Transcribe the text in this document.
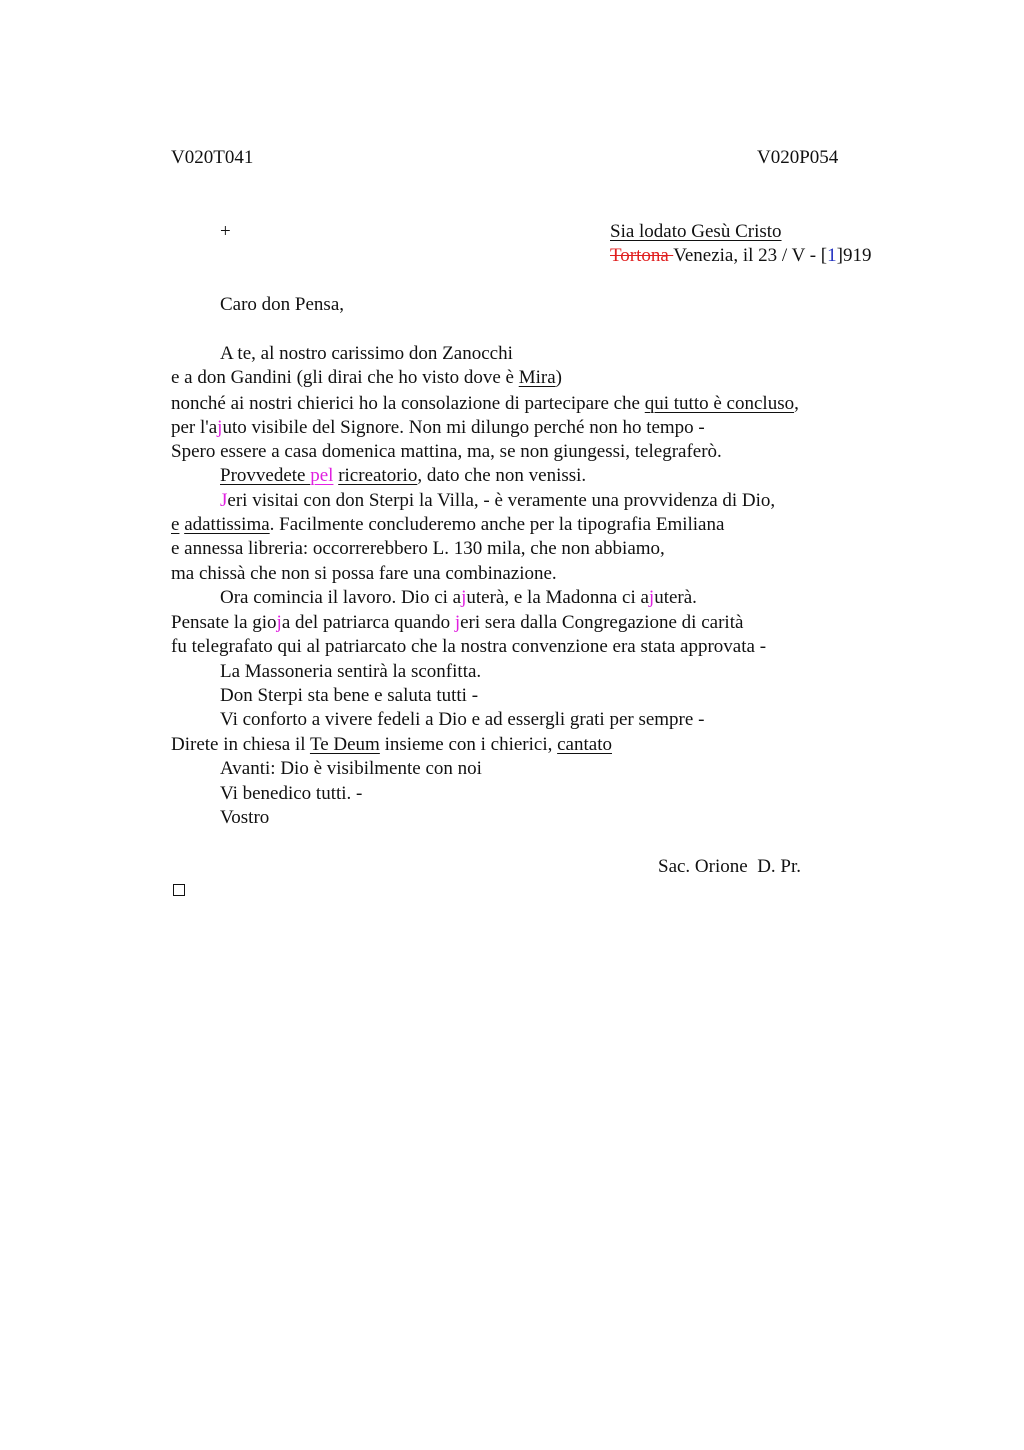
V020T041	V020P054
+	Sia lodato Gesù Cristo
Tortona Venezia, il 23 / V - [1]919
Caro don Pensa,
A te, al nostro carissimo don Zanocchi
e a don Gandini (gli dirai che ho visto dove è Mira)
nonché ai nostri chierici ho la consolazione di partecipare che qui tutto è concluso,
per l'ajuto visibile del Signore. Non mi dilungo perché non ho tempo -
Spero essere a casa domenica mattina, ma, se non giungessi, telegraferò.
Provvedete pel ricreatorio, dato che non venissi.
Jeri visitai con don Sterpi la Villa, - è veramente una provvidenza di Dio,
e adattissima. Facilmente concluderemo anche per la tipografia Emiliana
e annessa libreria: occorrerebbero L. 130 mila, che non abbiamo,
ma chissà che non si possa fare una combinazione.
Ora comincia il lavoro. Dio ci ajuterà, e la Madonna ci ajuterà.
Pensate la gioja del patriarca quando jeri sera dalla Congregazione di carità
fu telegrafato qui al patriarcato che la nostra convenzione era stata approvata -
La Massoneria sentirà la sconfitta.
Don Sterpi sta bene e saluta tutti -
Vi conforto a vivere fedeli a Dio e ad essergli grati per sempre -
Direte in chiesa il Te Deum insieme con i chierici, cantato
Avanti: Dio è visibilmente con noi
Vi benedico tutti. -
Vostro
Sac. Orione  D. Pr.
